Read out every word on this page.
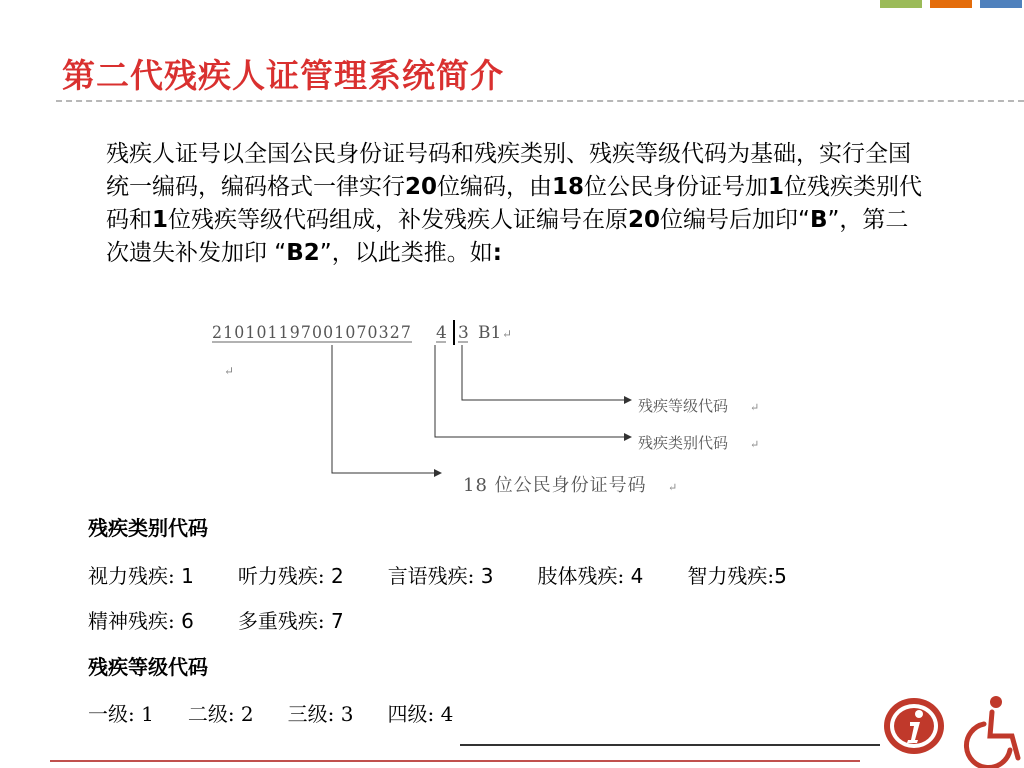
第二代残疾人证管理系统简介

残疾人证号以全国公民身份证号码和残疾类别、残疾等级代码为基础，实行全国统一编码，编码格式一律实行20位编码，由18位公民身份证号加1位残疾类别代码和1位残疾等级代码组成，补发残疾人证编号在原20位编号后加印“B”，第二次遗失补发加印 “B2”，以此类推。如:

210101197001070327 4 3 B1 ↵
↵
残疾等级代码
残疾类别代码
18 位公民身份证号码
↵
↵
↵
残疾类别代码
视力残疾: 1 听力残疾: 2 言语残疾: 3 肢体残疾: 4 智力残疾:5
精神残疾: 6 多重残疾: 7
残疾等级代码
一级: 1 二级: 2 三级: 3 四级: 4
